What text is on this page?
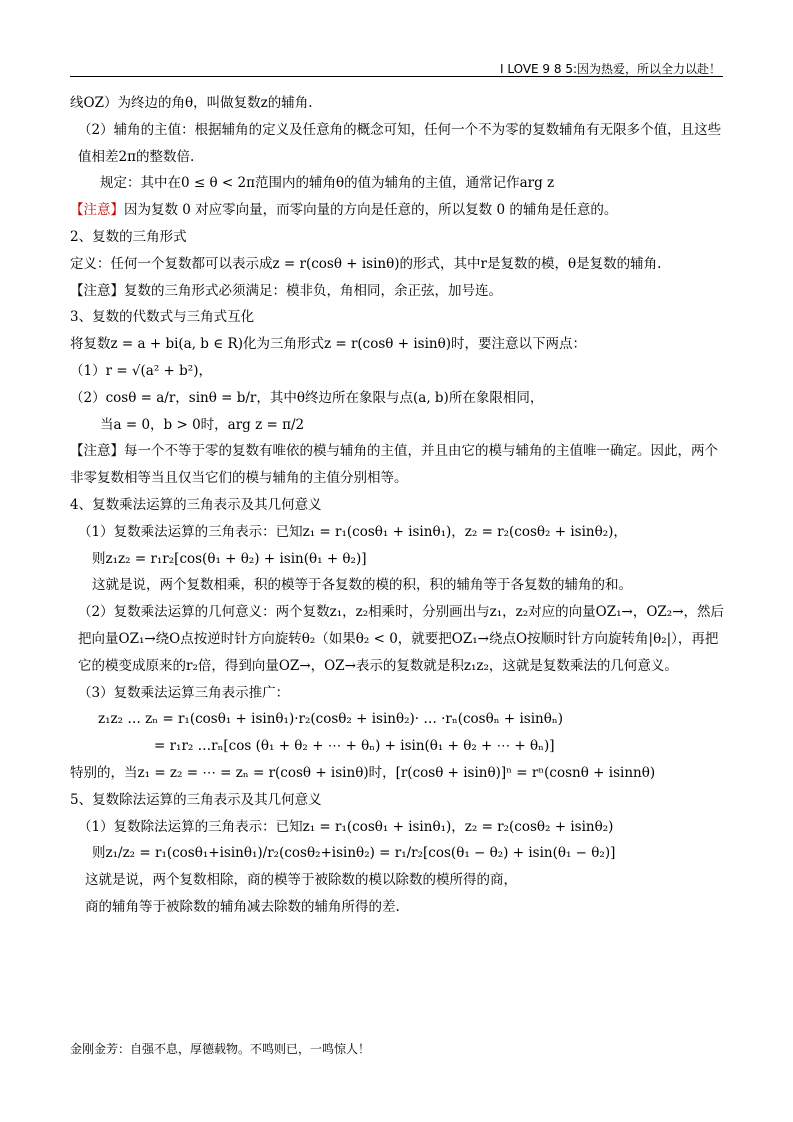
I LOVE 9 8 5:因为热爱，所以全力以赴！
线OZ）为终边的角θ，叫做复数z的辅角.
（2）辅角的主值：根据辅角的定义及任意角的概念可知，任何一个不为零的复数辅角有无限多个值，且这些值相差2π的整数倍.
规定：其中在0 ≤ θ < 2π范围内的辅角θ的值为辅角的主值，通常记作arg z
【注意】因为复数 0 对应零向量，而零向量的方向是任意的，所以复数 0 的辅角是任意的。
2、复数的三角形式
定义：任何一个复数都可以表示成z = r(cosθ + isinθ)的形式，其中r是复数的模，θ是复数的辅角.
【注意】复数的三角形式必须满足：模非负，角相同，余正弦，加号连。
3、复数的代数式与三角式互化
将复数z = a + bi(a, b ∈ R)化为三角形式z = r(cosθ + isinθ)时，要注意以下两点：
（1）r = √(a² + b²)，
（2）cosθ = a/r，sinθ = b/r，其中θ终边所在象限与点(a, b)所在象限相同，
当a = 0，b > 0时，arg z = π/2
【注意】每一个不等于零的复数有唯依的模与辅角的主值，并且由它的模与辅角的主值唯一确定。因此，两个非零复数相等当且仅当它们的模与辅角的主值分别相等。
4、复数乘法运算的三角表示及其几何意义
（1）复数乘法运算的三角表示：已知z₁ = r₁(cosθ₁ + isinθ₁)，z₂ = r₂(cosθ₂ + isinθ₂)，
则z₁z₂ = r₁r₂[cos(θ₁ + θ₂) + isin(θ₁ + θ₂)]
这就是说，两个复数相乘，积的模等于各复数的模的积，积的辅角等于各复数的辅角的和。
（2）复数乘法运算的几何意义：两个复数z₁，z₂相乘时，分别画出与z₁，z₂对应的向量OZ₁→，OZ₂→，然后把向量OZ₁→绕O点按逆时针方向旋转θ₂（如果θ₂ < 0，就要把OZ₁→绕点O按顺时针方向旋转角|θ₂|），再把它的模变成原来的r₂倍，得到向量OZ→，OZ→表示的复数就是积z₁z₂，这就是复数乘法的几何意义。
（3）复数乘法运算三角表示推广：
z₁z₂ … zₙ = r₁(cosθ₁ + isinθ₁)·r₂(cosθ₂ + isinθ₂)· … ·rₙ(cosθₙ + isinθₙ)
= r₁r₂ …rₙ[cos (θ₁ + θ₂ + ⋯ + θₙ) + isin(θ₁ + θ₂ + ⋯ + θₙ)]
特别的，当z₁ = z₂ = ⋯ = zₙ = r(cosθ + isinθ)时，[r(cosθ + isinθ)]ⁿ = rⁿ(cosnθ + isinnθ)
5、复数除法运算的三角表示及其几何意义
（1）复数除法运算的三角表示：已知z₁ = r₁(cosθ₁ + isinθ₁)，z₂ = r₂(cosθ₂ + isinθ₂)
则z₁/z₂ = r₁(cosθ₁+isinθ₁)/r₂(cosθ₂+isinθ₂) = r₁/r₂[cos(θ₁ − θ₂) + isin(θ₁ − θ₂)]
这就是说，两个复数相除，商的模等于被除数的模以除数的模所得的商，
商的辅角等于被除数的辅角减去除数的辅角所得的差.
金刚金芳：自强不息，厚德载物。不鸣则已，一鸣惊人！
